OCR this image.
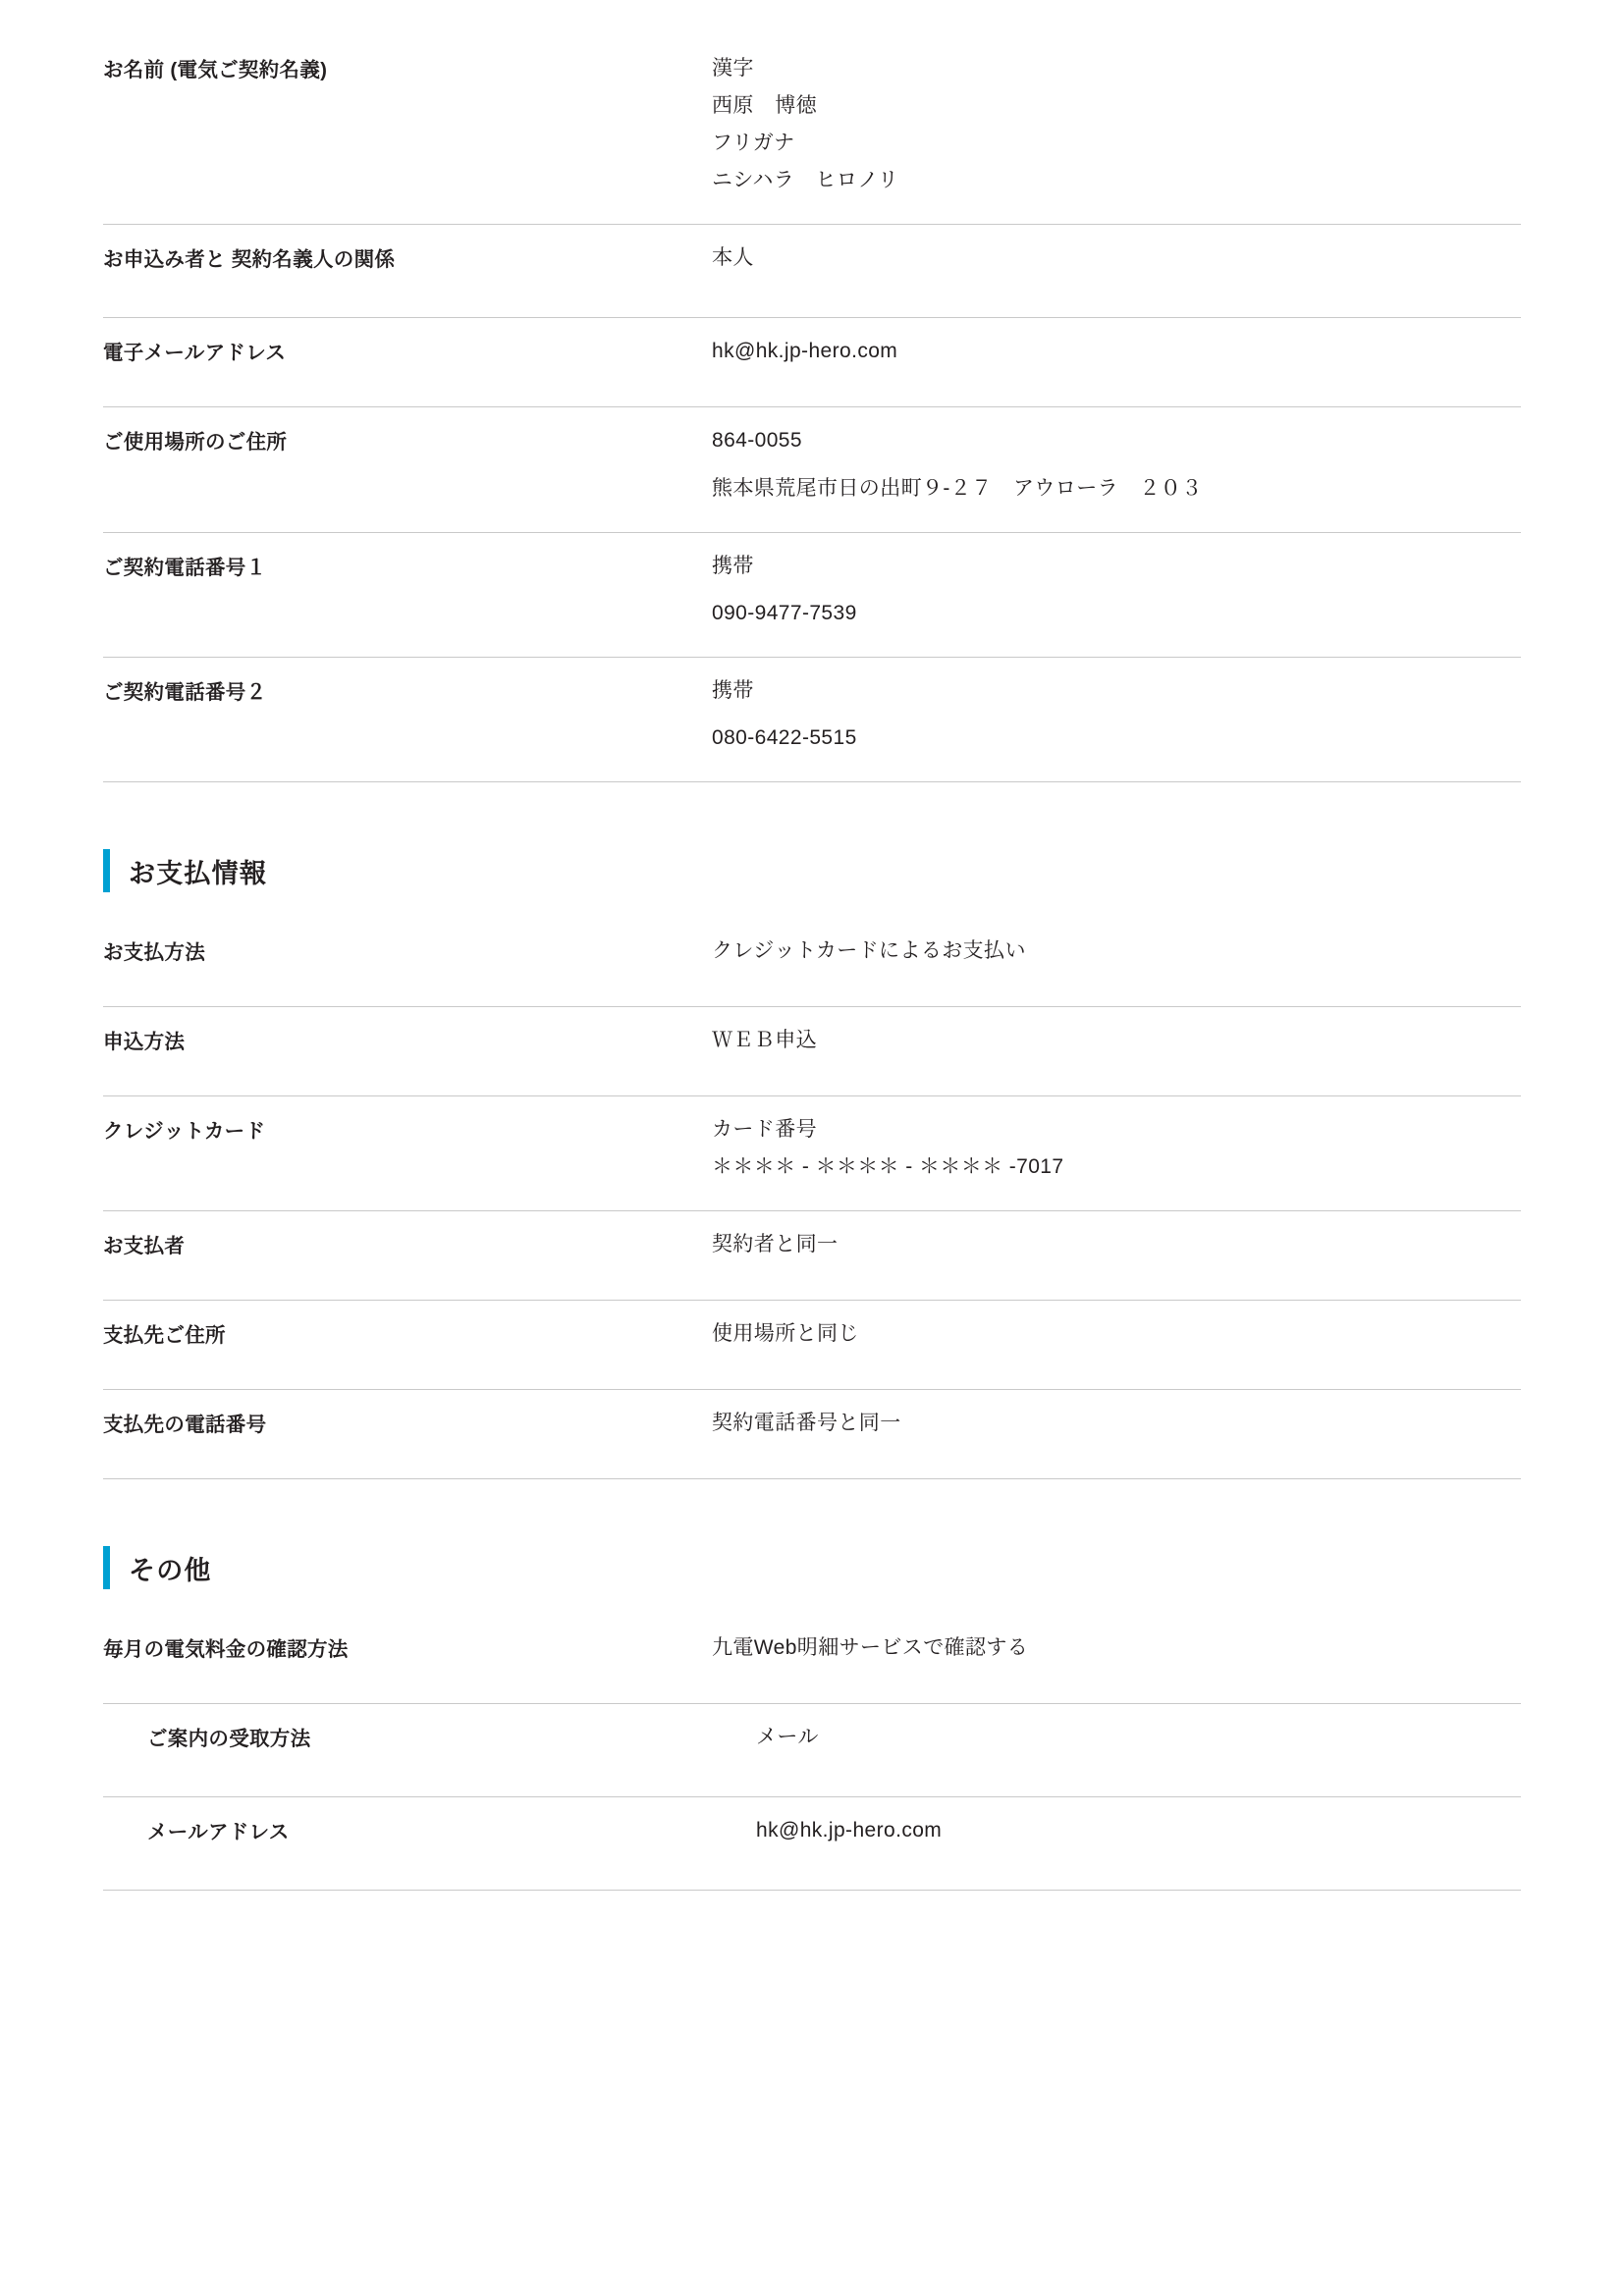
お名前 (電気ご契約名義)	漢字
西原　博徳
フリガナ
ニシハラ　ヒロノリ
お申込み者と 契約名義人の関係	本人
電子メールアドレス	hk@hk.jp-hero.com
ご使用場所のご住所	864-0055
熊本県荒尾市日の出町９-２７　アウローラ　２０３
ご契約電話番号１	携帯
090-9477-7539
ご契約電話番号２	携帯
080-6422-5515
お支払情報
お支払方法	クレジットカードによるお支払い
申込方法	ＷＥＢ申込
クレジットカード	カード番号
＊＊＊＊ - ＊＊＊＊ - ＊＊＊＊ -7017
お支払者	契約者と同一
支払先ご住所	使用場所と同じ
支払先の電話番号	契約電話番号と同一
その他
毎月の電気料金の確認方法	九電Web明細サービスで確認する
ご案内の受取方法	メール
メールアドレス	hk@hk.jp-hero.com
